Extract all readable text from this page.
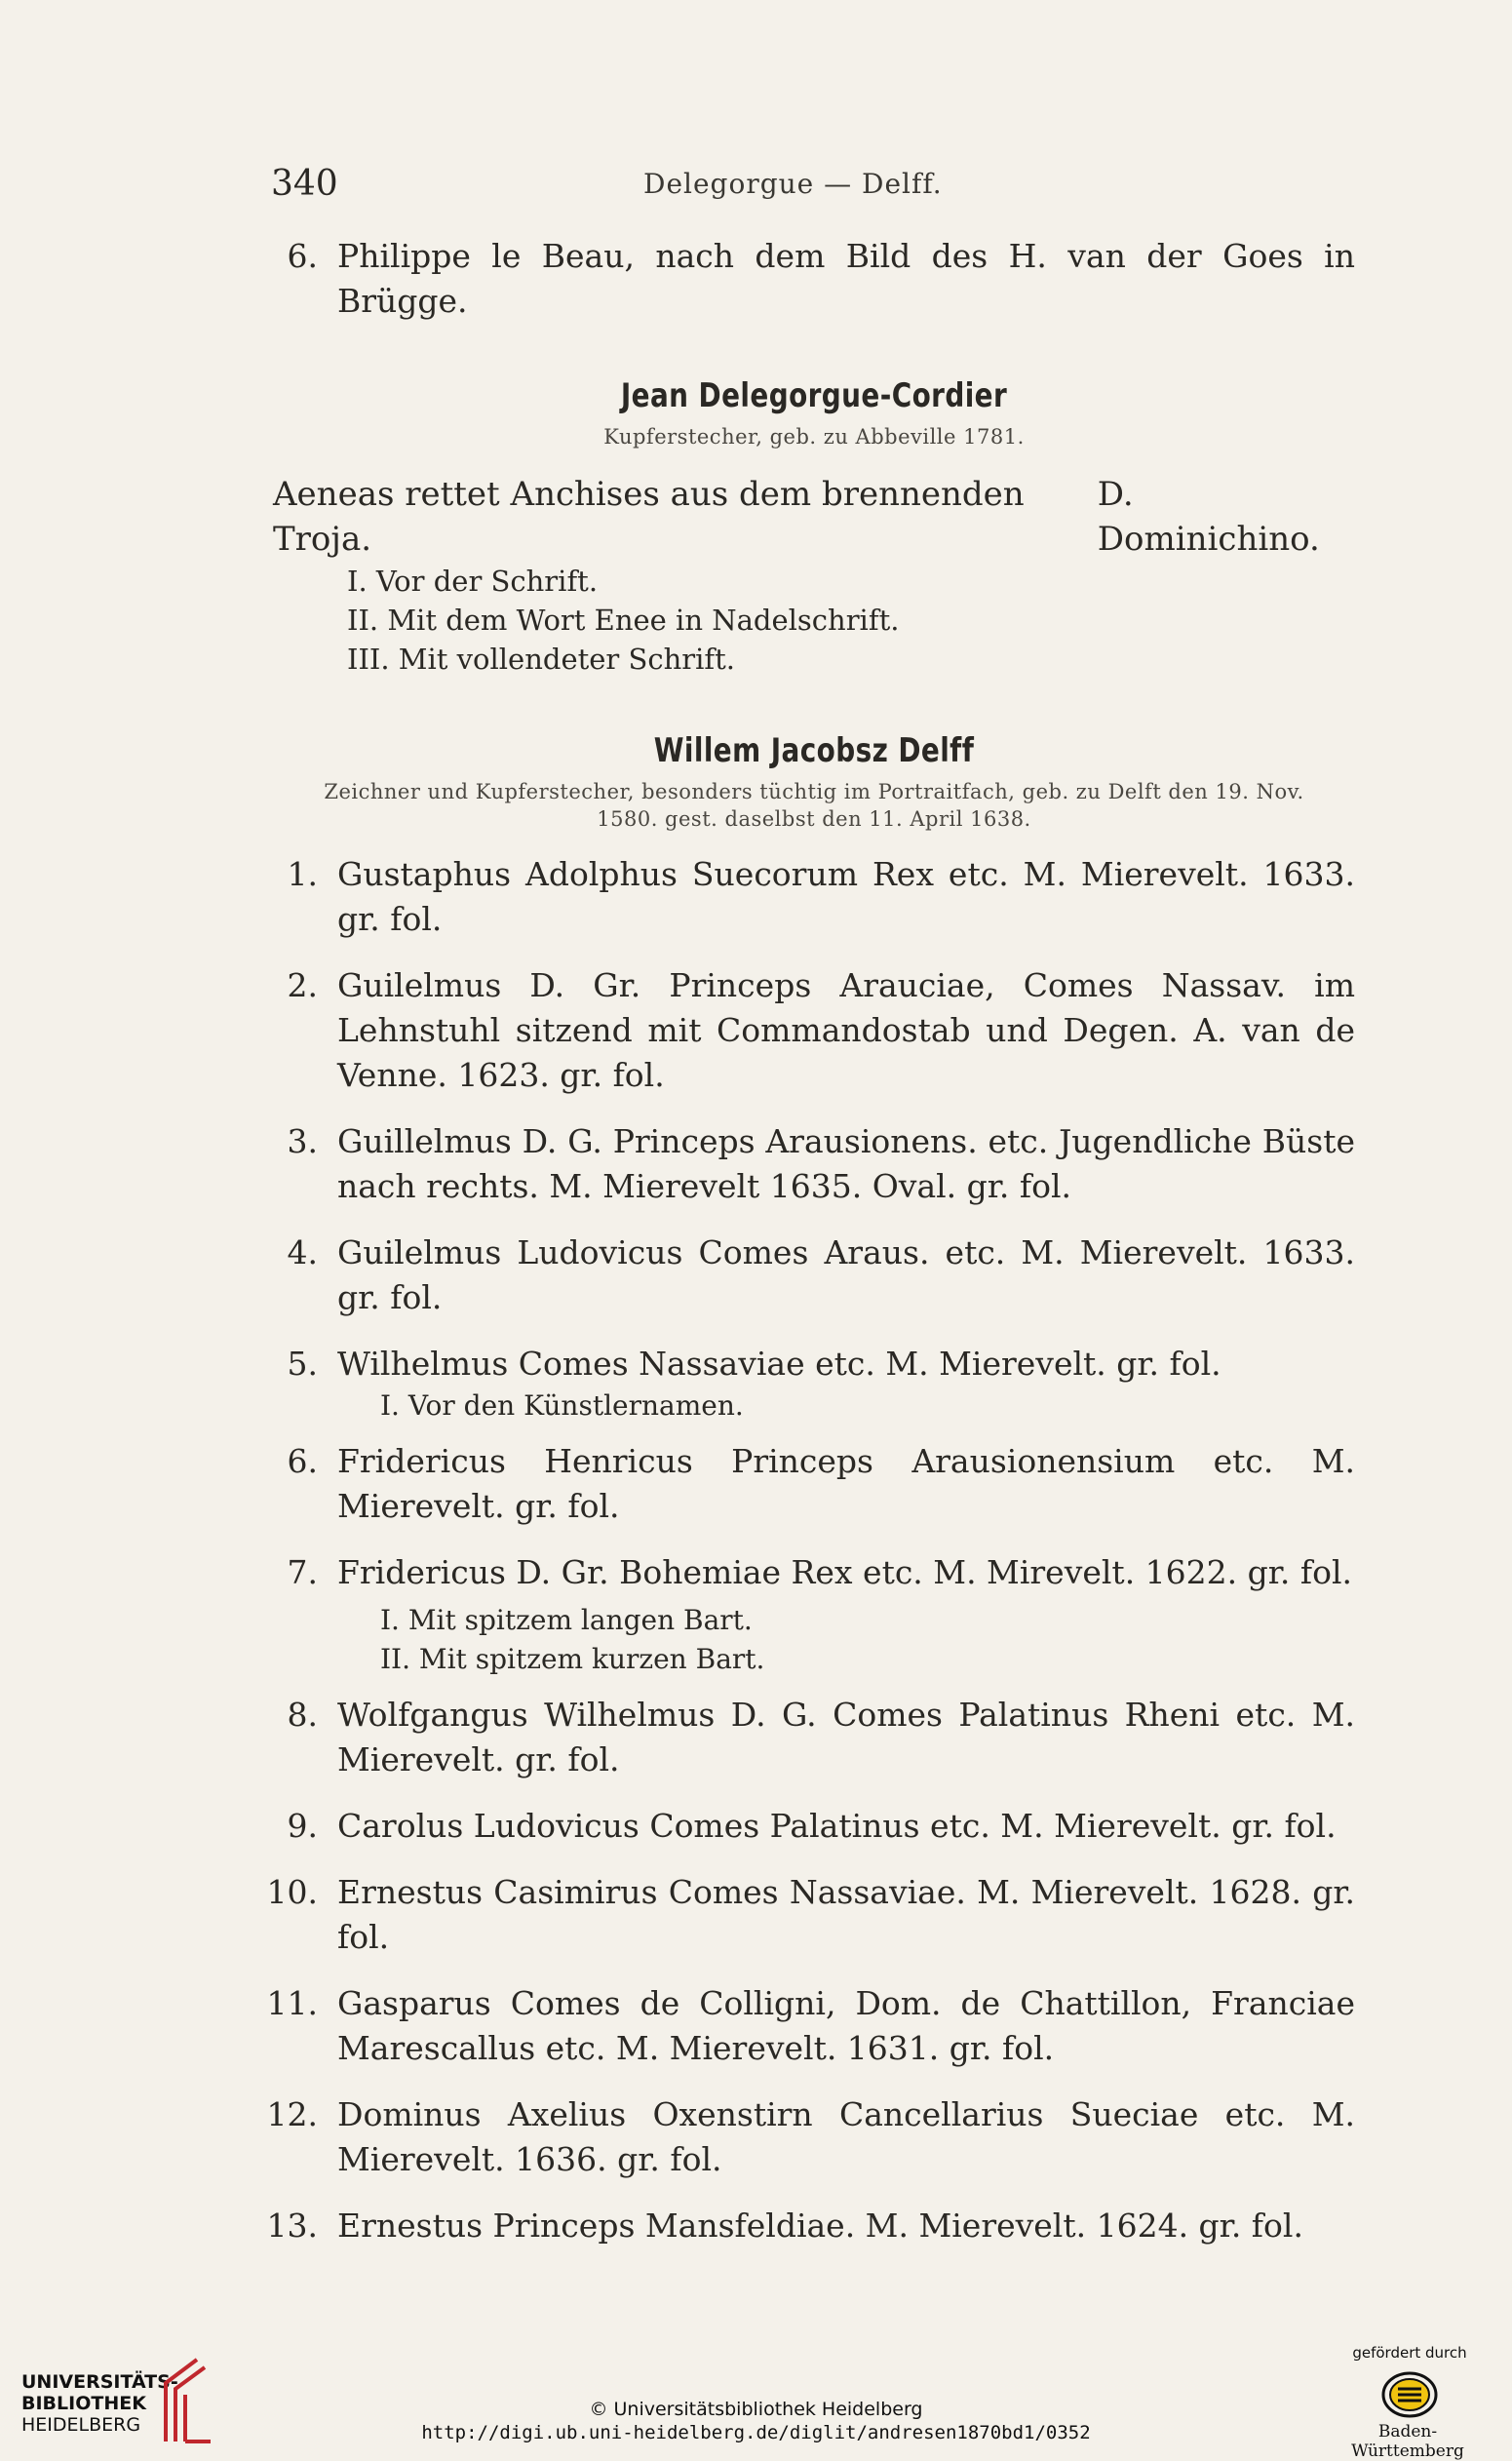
340	Delegorgue — Delff.
6. Philippe le Beau, nach dem Bild des H. van der Goes in Brügge.

Jean Delegorgue-Cordier

Kupferstecher, geb. zu Abbeville 1781.
Aeneas rettet Anchises aus dem brennenden Troja.
D. Dominichino.
I. Vor der Schrift.
II. Mit dem Wort Enee in Nadelschrift.
III. Mit vollendeter Schrift.

Willem Jacobsz Delff

Zeichner und Kupferstecher, besonders tüchtig im Portraitfach, geb. zu Delft den 19. Nov.
1580. gest. daselbst den 11. April 1638.
1. Gustaphus Adolphus Suecorum Rex etc. M. Mierevelt. 1633. gr. fol.
2. Guilelmus D. Gr. Princeps Arauciae, Comes Nassav. im Lehnstuhl sitzend mit Commandostab und Degen. A. van de Venne. 1623. gr. fol.
3. Guillelmus D. G. Princeps Arausionens. etc. Jugendliche Büste nach rechts. M. Mierevelt 1635. Oval. gr. fol.
4. Guilelmus Ludovicus Comes Araus. etc. M. Mierevelt. 1633. gr. fol.
5. Wilhelmus Comes Nassaviae etc. M. Mierevelt. gr. fol.
I. Vor den Künstlernamen.
6. Fridericus Henricus Princeps Arausionensium etc. M. Mierevelt. gr. fol.
7. Fridericus D. Gr. Bohemiae Rex etc. M. Mirevelt. 1622. gr. fol.
I. Mit spitzem langen Bart.
II. Mit spitzem kurzen Bart.
8. Wolfgangus Wilhelmus D. G. Comes Palatinus Rheni etc. M. Mierevelt. gr. fol.
9. Carolus Ludovicus Comes Palatinus etc. M. Mierevelt. gr. fol.
10. Ernestus Casimirus Comes Nassaviae. M. Mierevelt. 1628. gr. fol.
11. Gasparus Comes de Colligni, Dom. de Chattillon, Franciae Marescallus etc. M. Mierevelt. 1631. gr. fol.
12. Dominus Axelius Oxenstirn Cancellarius Sueciae etc. M. Mierevelt. 1636. gr. fol.
13. Ernestus Princeps Mansfeldiae. M. Mierevelt. 1624. gr. fol.
UNIVERSITÄTS-
BIBLIOTHEK
HEIDELBERG
© Universitätsbibliothek Heidelberg
http://digi.ub.uni-heidelberg.de/diglit/andresen1870bd1/0352
gefördert durch
Baden-Württemberg
